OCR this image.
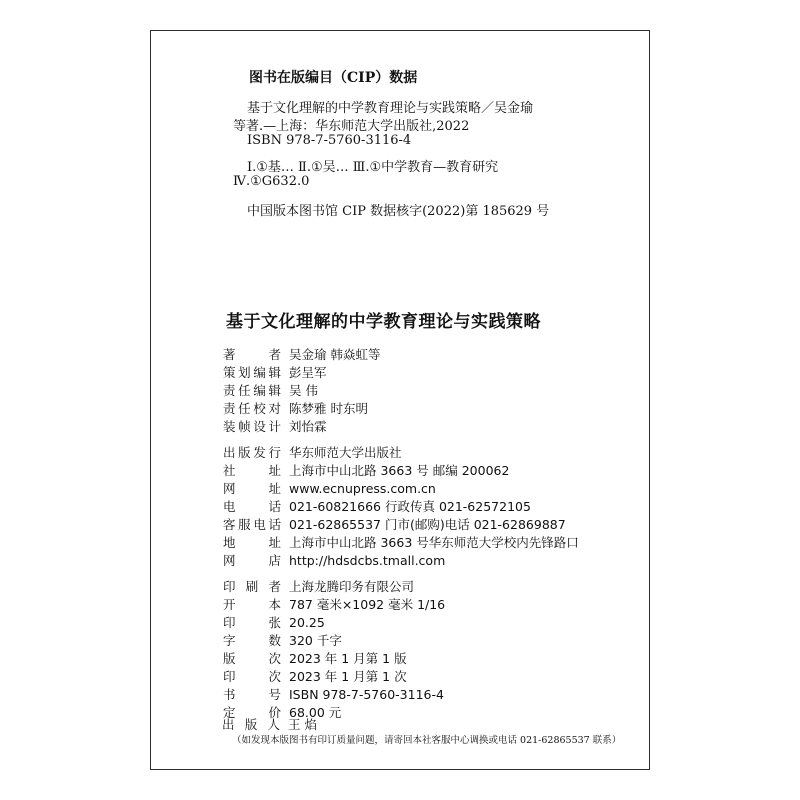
图书在版编目（CIP）数据
基于文化理解的中学教育理论与实践策略／吴金瑜
等著.—上海：华东师范大学出版社,2022
ISBN 978-7-5760-3116-4
Ⅰ.①基… Ⅱ.①吴… Ⅲ.①中学教育—教育研究
Ⅳ.①G632.0
中国版本图书馆 CIP 数据核字(2022)第 185629 号
基于文化理解的中学教育理论与实践策略
著 者 吴金瑜 韩焱虹等
策划编辑 彭呈军
责任编辑 吴 伟
责任校对 陈梦雅 时东明
装帧设计 刘怡霖
出版发行 华东师范大学出版社
社 址 上海市中山北路 3663 号 邮编 200062
网 址 www.ecnupress.com.cn
电 话 021-60821666 行政传真 021-62572105
客服电话 021-62865537 门市(邮购)电话 021-62869887
地 址 上海市中山北路 3663 号华东师范大学校内先锋路口
网 店 http://hdsdcbs.tmall.com
印 刷 者 上海龙腾印务有限公司
开 本 787 毫米×1092 毫米 1/16
印 张 20.25
字 数 320 千字
版 次 2023 年 1 月第 1 版
印 次 2023 年 1 月第 1 次
书 号 ISBN 978-7-5760-3116-4
定 价 68.00 元
出 版 人 王 焰
（如发现本版图书有印订质量问题，请寄回本社客服中心调换或电话 021-62865537 联系）
